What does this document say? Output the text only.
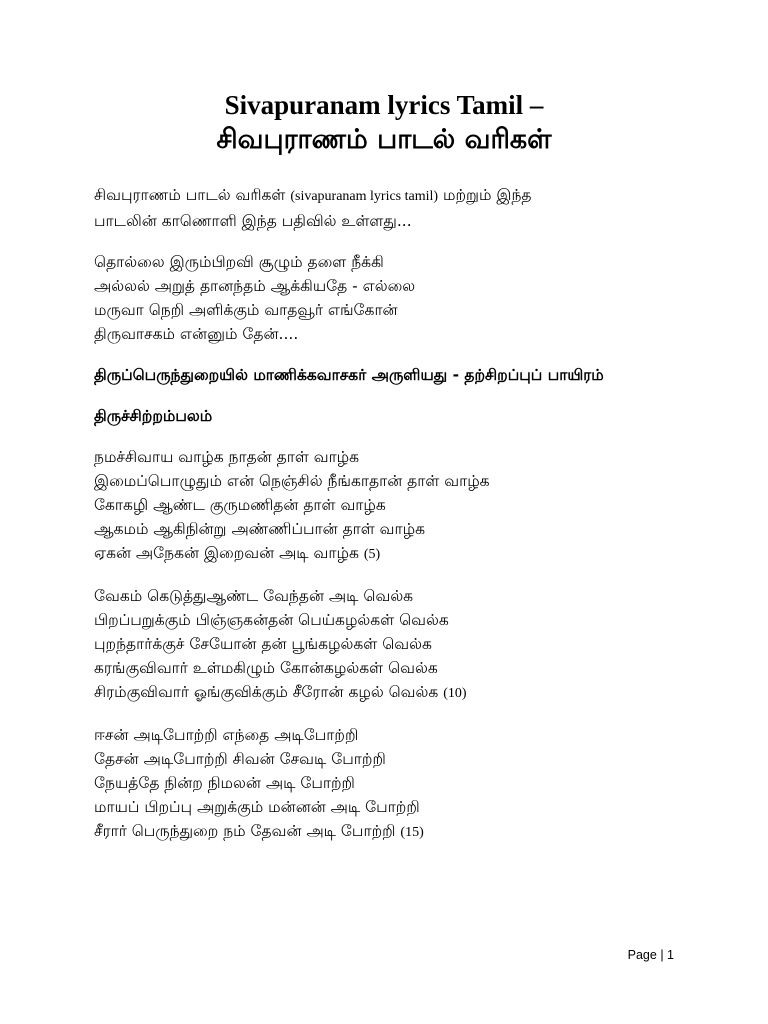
Sivapuranam lyrics Tamil –
சிவபுராணம் பாடல் வரிகள்
சிவபுராணம் பாடல் வரிகள் (sivapuranam lyrics tamil) மற்றும் இந்த
பாடலின் காணொளி இந்த பதிவில் உள்ளது...
தொல்லை இரும்பிறவி சூழும் தளை நீக்கி
அல்லல் அறுத் தானந்தம் ஆக்கியதே - எல்லை
மருவா நெறி அளிக்கும் வாதவூர் எங்கோன்
திருவாசகம் என்னும் தேன்....
திருப்பெருந்துறையில் மாணிக்கவாசகர் அருளியது - தற்சிறப்புப் பாயிரம்
திருச்சிற்றம்பலம்
நமச்சிவாய வாழ்க நாதன் தாள் வாழ்க
இமைப்பொழுதும் என் நெஞ்சில் நீங்காதான் தாள் வாழ்க
கோகழி ஆண்ட குருமணிதன் தாள் வாழ்க
ஆகமம் ஆகிநின்று அண்ணிப்பான் தாள் வாழ்க
ஏகன் அநேகன் இறைவன் அடி வாழ்க (5)
வேகம் கெடுத்துஆண்ட வேந்தன் அடி வெல்க
பிறப்பறுக்கும் பிஞ்ஞகன்தன் பெய்கழல்கள் வெல்க
புறந்தார்க்குச் சேயோன் தன் பூங்கழல்கள் வெல்க
கரங்குவிவார் உள்மகிழும் கோன்கழல்கள் வெல்க
சிரம்குவிவார் ஓங்குவிக்கும் சீரோன் கழல் வெல்க (10)
ஈசன் அடிபோற்றி எந்தை அடிபோற்றி
தேசன் அடிபோற்றி சிவன் சேவடி போற்றி
நேயத்தே நின்ற நிமலன் அடி போற்றி
மாயப் பிறப்பு அறுக்கும் மன்னன் அடி போற்றி
சீரார் பெருந்துறை நம் தேவன் அடி போற்றி (15)
Page | 1
